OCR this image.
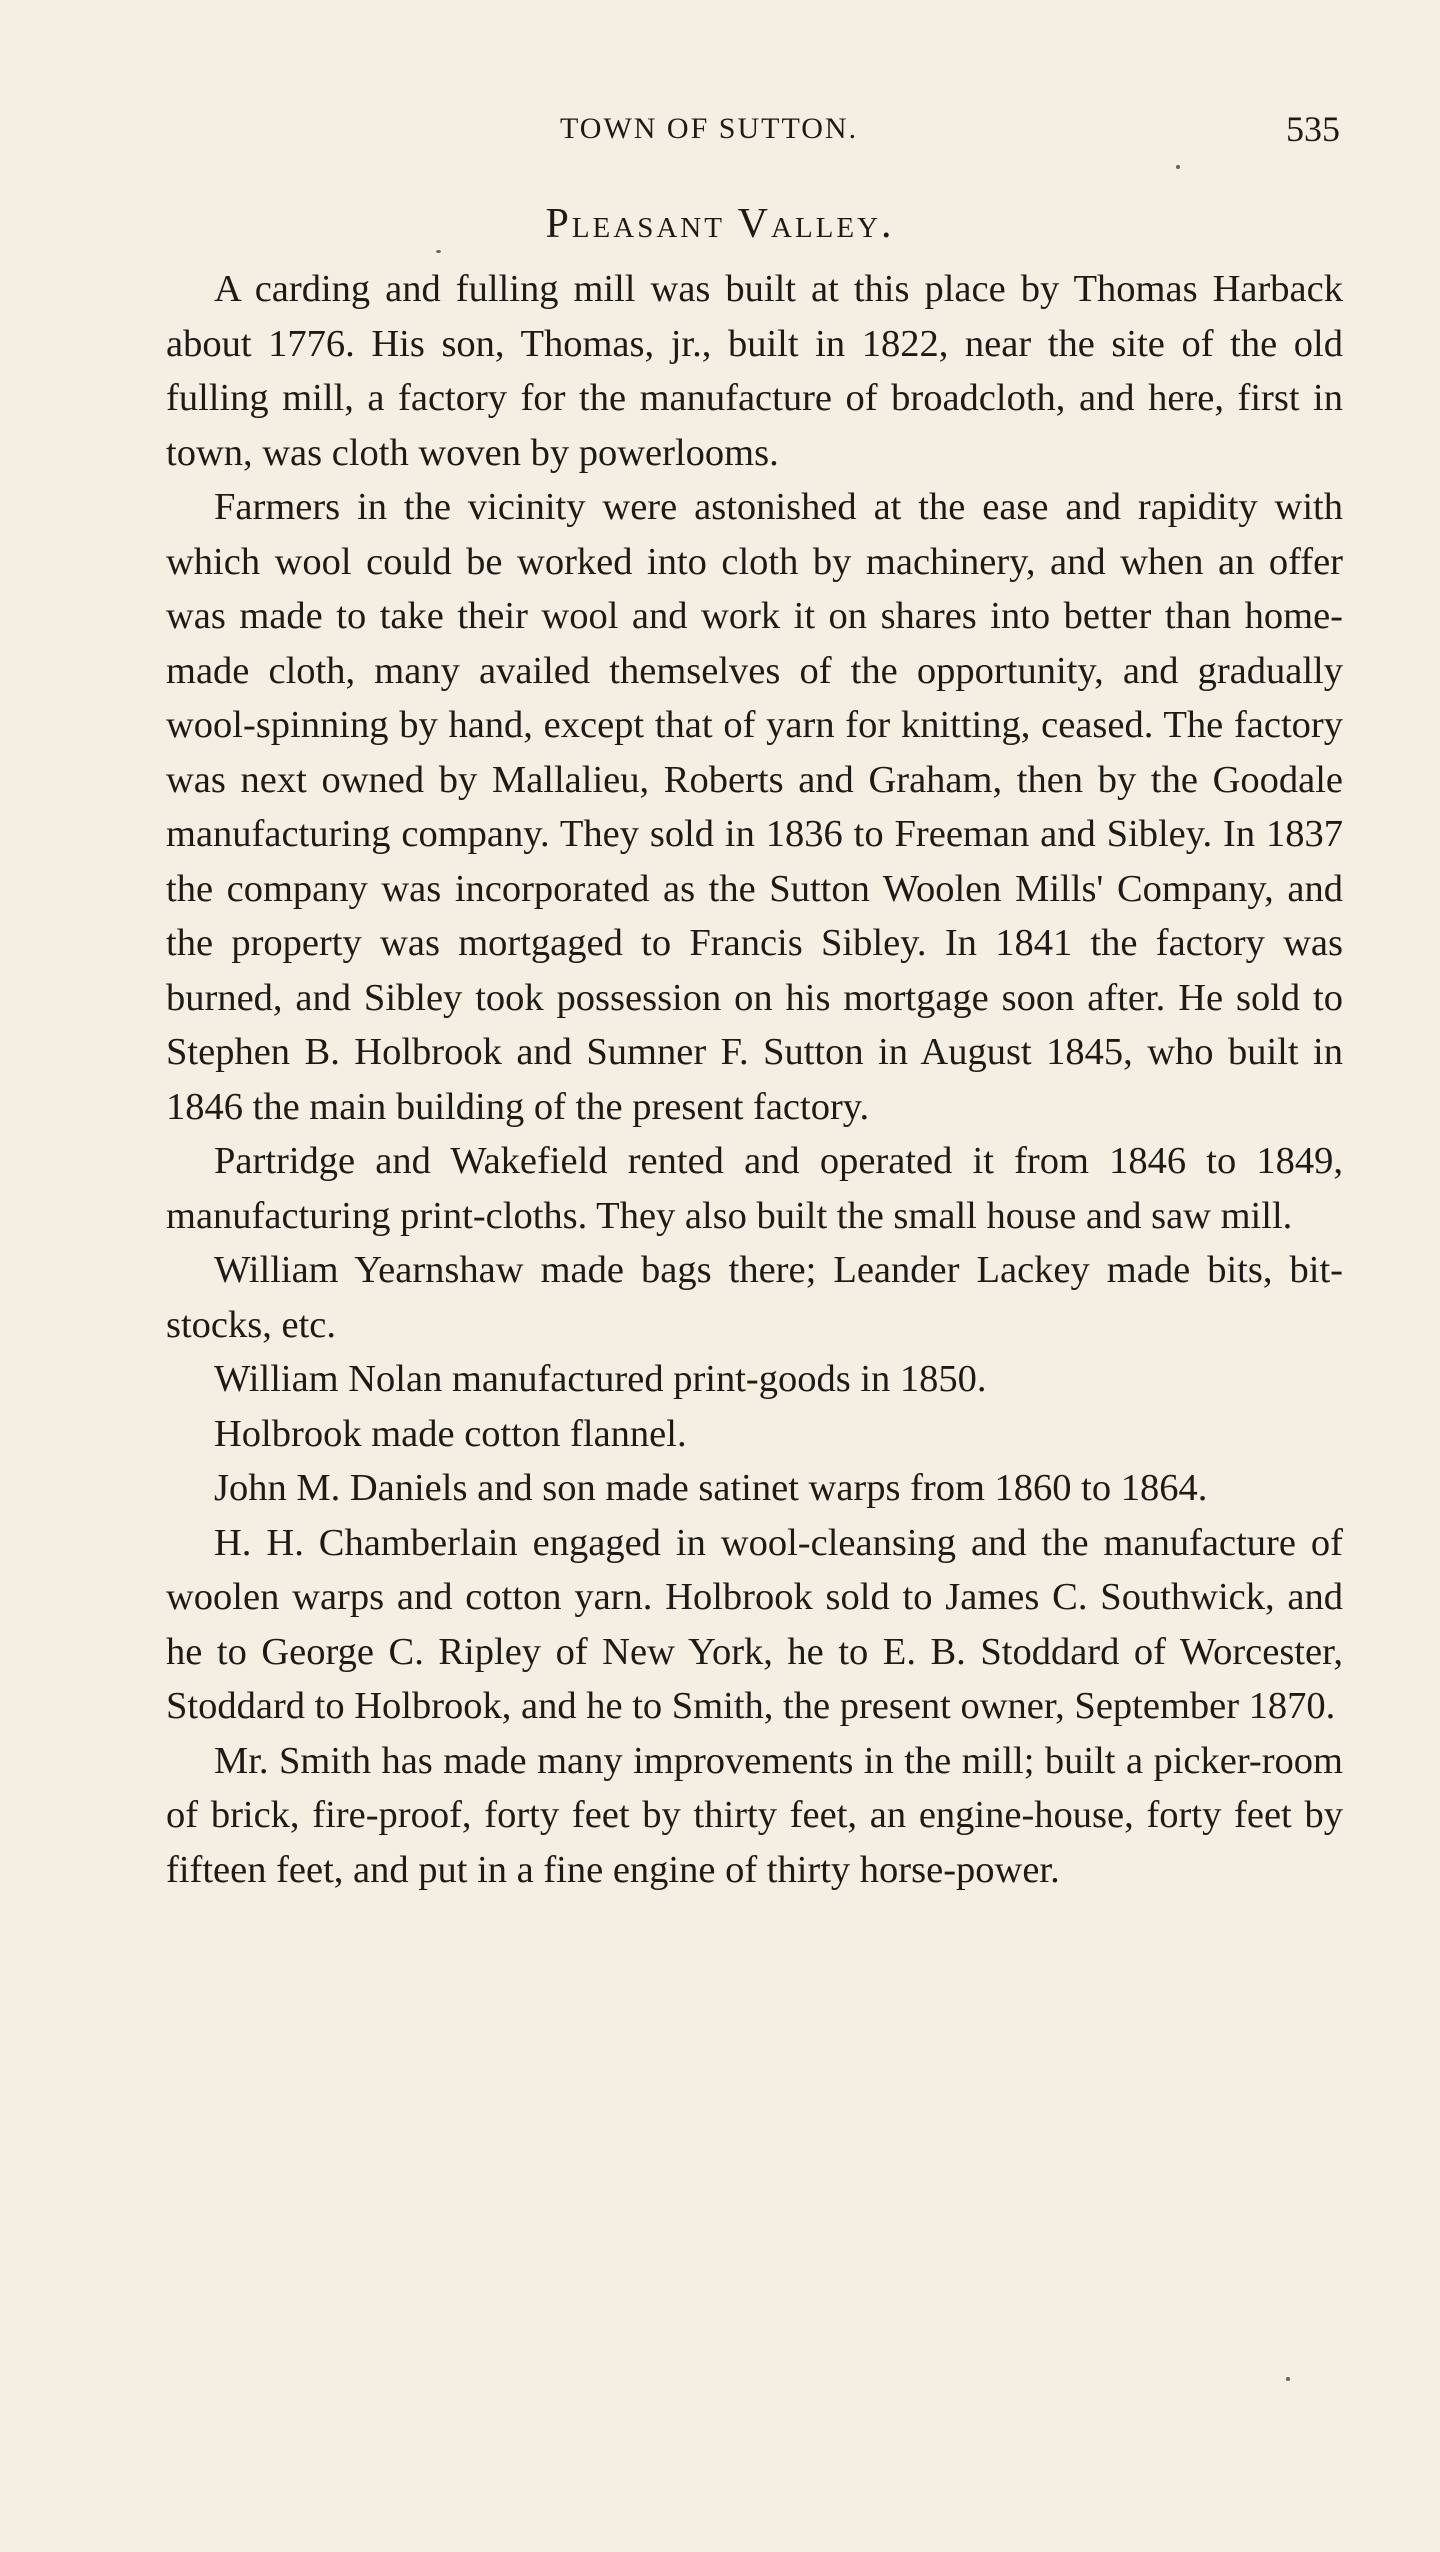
TOWN OF SUTTON.	535
Pleasant Valley.

A carding and fulling mill was built at this place by Thomas Harback about 1776. His son, Thomas, jr., built in 1822, near the site of the old fulling mill, a factory for the manufacture of broadcloth, and here, first in town, was cloth woven by powerlooms.

Farmers in the vicinity were astonished at the ease and rapidity with which wool could be worked into cloth by machinery, and when an offer was made to take their wool and work it on shares into better than home-made cloth, many availed themselves of the opportunity, and gradually wool-spinning by hand, except that of yarn for knitting, ceased. The factory was next owned by Mallalieu, Roberts and Graham, then by the Goodale manufacturing company. They sold in 1836 to Freeman and Sibley. In 1837 the company was incorporated as the Sutton Woolen Mills' Company, and the property was mortgaged to Francis Sibley. In 1841 the factory was burned, and Sibley took possession on his mortgage soon after. He sold to Stephen B. Holbrook and Sumner F. Sutton in August 1845, who built in 1846 the main building of the present factory.

Partridge and Wakefield rented and operated it from 1846 to 1849, manufacturing print-cloths. They also built the small house and saw mill.

William Yearnshaw made bags there; Leander Lackey made bits, bit-stocks, etc.

William Nolan manufactured print-goods in 1850.

Holbrook made cotton flannel.

John M. Daniels and son made satinet warps from 1860 to 1864.

H. H. Chamberlain engaged in wool-cleansing and the manufacture of woolen warps and cotton yarn. Holbrook sold to James C. Southwick, and he to George C. Ripley of New York, he to E. B. Stoddard of Worcester, Stoddard to Holbrook, and he to Smith, the present owner, September 1870.

Mr. Smith has made many improvements in the mill; built a picker-room of brick, fire-proof, forty feet by thirty feet, an engine-house, forty feet by fifteen feet, and put in a fine engine of thirty horse-power.
